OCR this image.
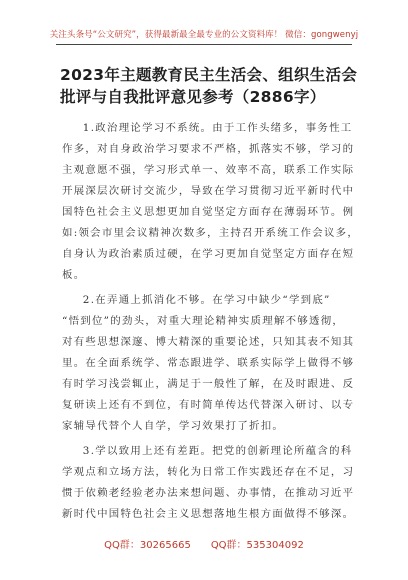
关注头条号“公文研究”，获得最新最全最专业的公文资料库！ 微信：gongwenyj
2023年主题教育民主生活会、组织生活会
批评与自我批评意见参考（2886字）

1.政治理论学习不系统。由于工作头绪多，事务性工
作多，对自身政治学习要求不严格，抓落实不够，学习的
主观意愿不强，学习形式单一、效率不高，联系工作实际
开展深层次研讨交流少，导致在学习贯彻习近平新时代中
国特色社会主义思想更加自觉坚定方面存在薄弱环节。例
如:领会市里会议精神次数多，主持召开系统工作会议多，
自身认为政治素质过硬，在学习更加自觉坚定方面存在短
板。

2.在弄通上抓消化不够。在学习中缺少“学到底”
“悟到位”的劲头，对重大理论精神实质理解不够透彻，
对有些思想深邃、博大精深的重要论述，只知其表不知其
里。在全面系统学、常态跟进学、联系实际学上做得不够
有时学习浅尝辄止，满足于一般性了解，在及时跟进、反
复研读上还有不到位，有时简单传达代替深入研讨、以专
家辅导代替个人自学，学习效果打了折扣。

3.学以致用上还有差距。把党的创新理论所蕴含的科
学观点和立场方法，转化为日常工作实践还存在不足，习
惯于依赖老经验老办法来想问题、办事情，在推动习近平
新时代中国特色社会主义思想落地生根方面做得不够深。

QQ群：30265665 QQ群：535304092
